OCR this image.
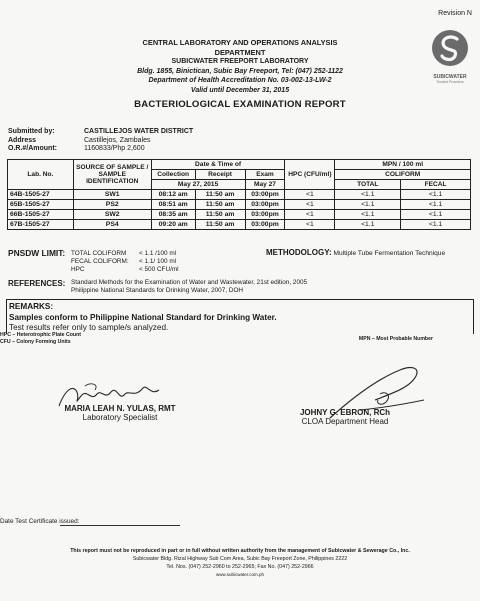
Revision N
CENTRAL LABORATORY AND OPERATIONS ANALYSIS
DEPARTMENT
SUBICWATER FREEPORT LABORATORY
Bldg. 1855, Binictican, Subic Bay Freeport, Tel: (047) 252-1122
Department of Health Accreditation No. 03-002-13-LW-2
Valid until December 31, 2015
SUBICWATER
Trusted Providers
BACTERIOLOGICAL EXAMINATION REPORT
Submitted by:	CASTILLEJOS WATER DISTRICT
Address	Castillejos, Zambales
O.R.#/Amount:	1160833/Php 2,600
Lab. No.	SOURCE OF SAMPLE / SAMPLE IDENTIFICATION	Date & Time of			HPC (CFU/ml)	MPN / 100 ml	
		Collection	Receipt	Exam		COLIFORM	
		May 27, 2015		May 27		TOTAL	FECAL
64B-1505-27	SW1	08:12 am	11:50 am	03:00pm	<1	<1.1	<1.1
65B-1505-27	PS2	08:51 am	11:50 am	03:00pm	<1	<1.1	<1.1
66B-1505-27	SW2	08:35 am	11:50 am	03:00pm	<1	<1.1	<1.1
67B-1505-27	PS4	09:20 am	11:50 am	03:00pm	<1	<1.1	<1.1
PNSDW LIMIT: TOTAL COLIFORM < 1.1 /100 ml
FECAL COLIFORM: < 1.1/ 100 ml
HPC	< 500 CFU/ml
METHODOLOGY: Multiple Tube Fermentation Technique
REFERENCES: Standard Methods for the Examination of Water and Wastewater, 21st edition, 2005
Philippine National Standards for Drinking Water, 2007, DOH
REMARKS:
Samples conform to Philippine National Standard for Drinking Water.
Test results refer only to sample/s analyzed.
HPC – Heterotrophic Plate Count
CFU – Colony Forming Units	MPN – Most Probable Number
MARIA LEAH N. YULAS, RMT
Laboratory Specialist
JOHNY G. EBRON, RCh
CLOA Department Head
Date Test Certificate issued:
This report must not be reproduced in part or in full without written authority from the management of Subicwater & Sewerage Co., Inc.
Subicwater Bldg. Rizal Highway Sub Com Area, Subic Bay Freeport Zone, Philippines 2222
Tel. Nos. (047) 252-2960 to 252-2965; Fax No. (047) 252-2966
www.subicwater.com.ph
